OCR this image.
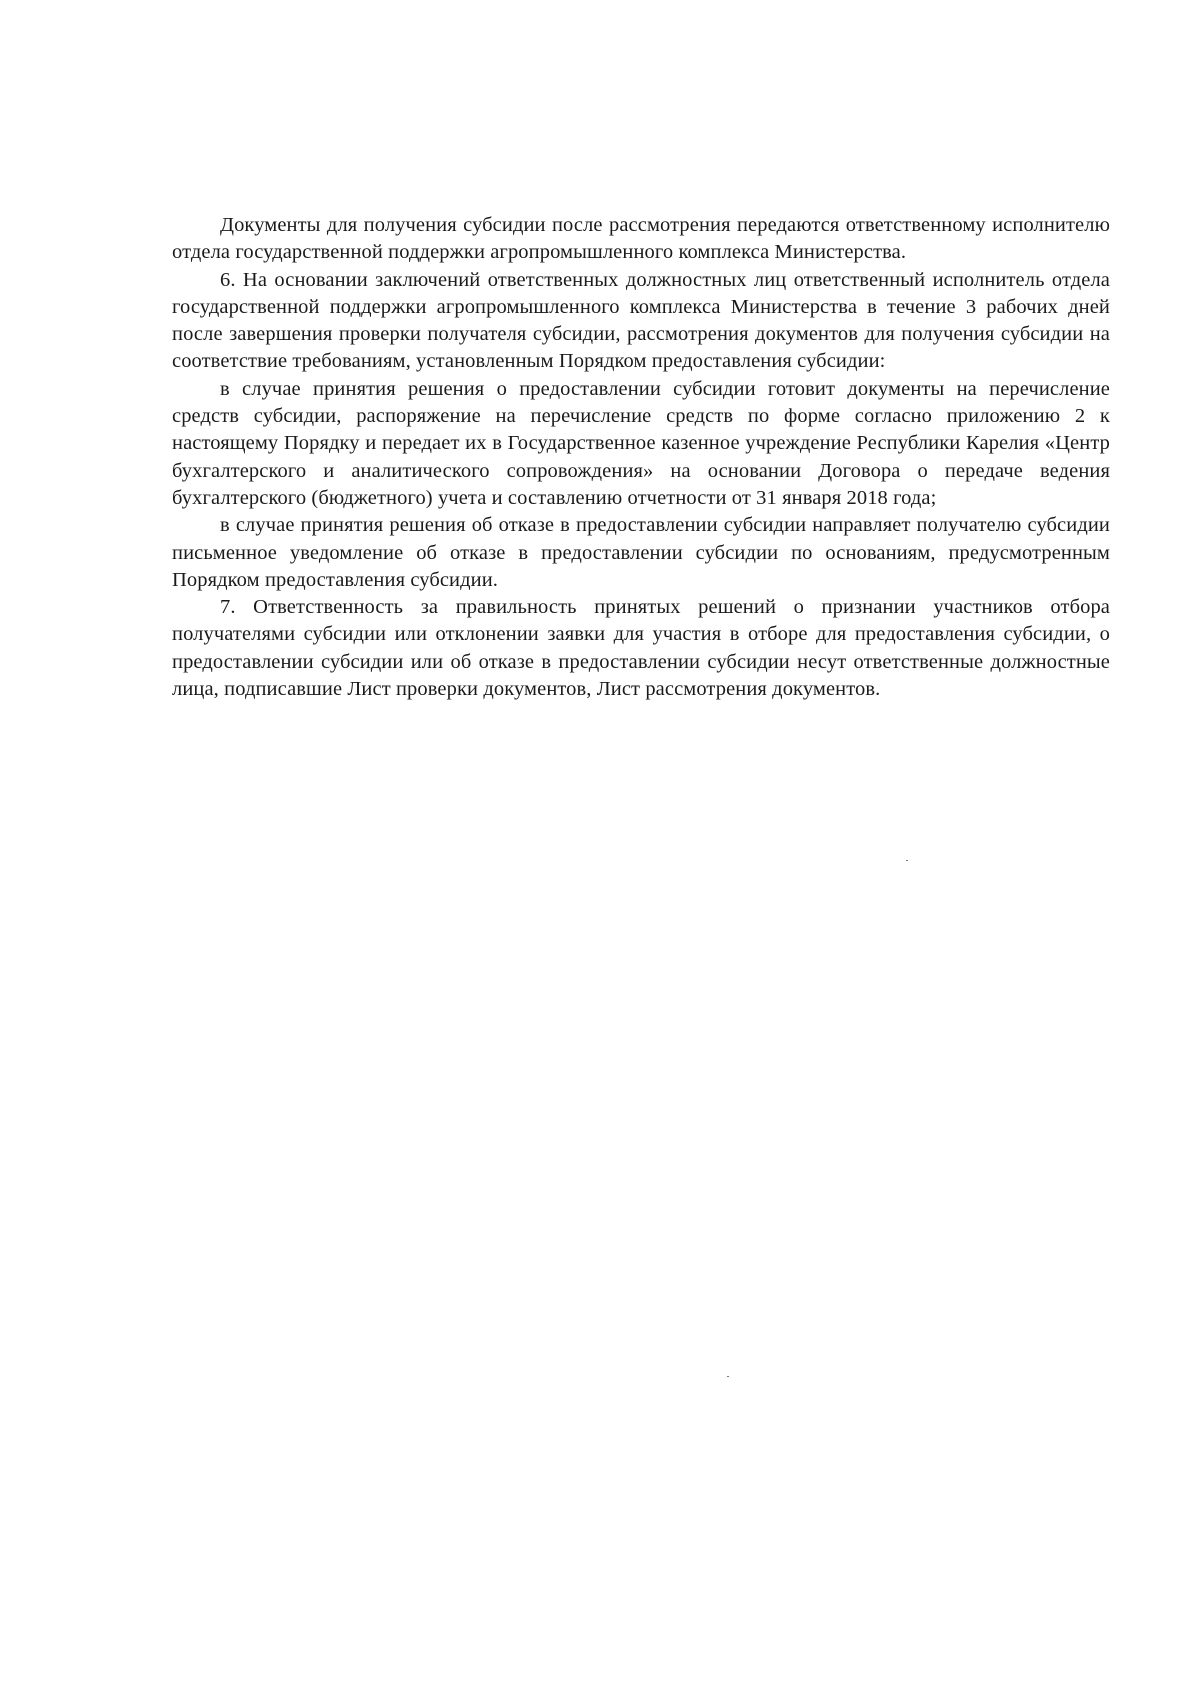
Документы для получения субсидии после рассмотрения передаются ответственному исполнителю отдела государственной поддержки агропромышленного комплекса Министерства.

6. На основании заключений ответственных должностных лиц ответственный исполнитель отдела государственной поддержки агропромышленного комплекса Министерства в течение 3 рабочих дней после завершения проверки получателя субсидии, рассмотрения документов для получения субсидии на соответствие требованиям, установленным Порядком предоставления субсидии:

в случае принятия решения о предоставлении субсидии готовит документы на перечисление средств субсидии, распоряжение на перечисление средств по форме согласно приложению 2 к настоящему Порядку и передает их в Государственное казенное учреждение Республики Карелия «Центр бухгалтерского и аналитического сопровождения» на основании Договора о передаче ведения бухгалтерского (бюджетного) учета и составлению отчетности от 31 января 2018 года;

в случае принятия решения об отказе в предоставлении субсидии направляет получателю субсидии письменное уведомление об отказе в предоставлении субсидии по основаниям, предусмотренным Порядком предоставления субсидии.

7. Ответственность за правильность принятых решений о признании участников отбора получателями субсидии или отклонении заявки для участия в отборе для предоставления субсидии, о предоставлении субсидии или об отказе в предоставлении субсидии несут ответственные должностные лица, подписавшие Лист проверки документов, Лист рассмотрения документов.
